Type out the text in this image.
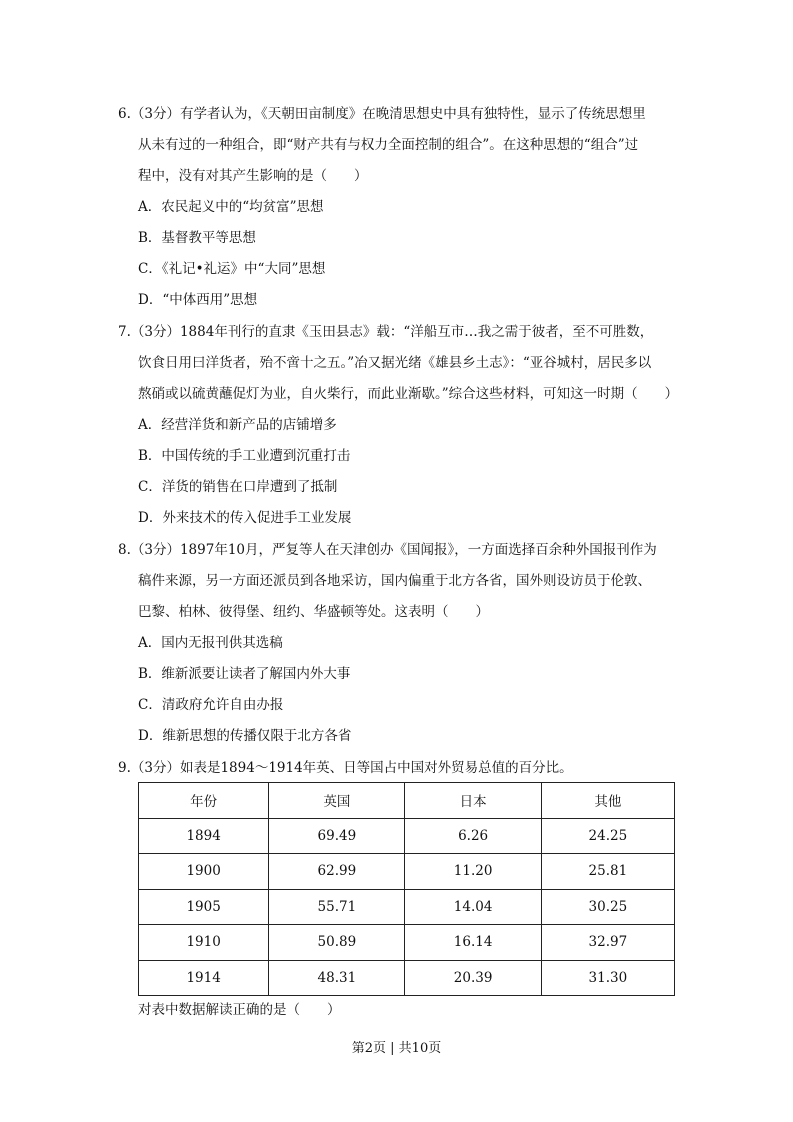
6.（3分）有学者认为，《天朝田亩制度》在晚清思想史中具有独特性，显示了传统思想里
从未有过的一种组合，即“财产共有与权力全面控制的组合”。在这种思想的“组合”过
程中，没有对其产生影响的是（　　）
A．农民起义中的“均贫富”思想
B．基督教平等思想
C．《礼记•礼运》中“大同”思想
D．“中体西用”思想
7.（3分）1884年刊行的直隶《玉田县志》载：“洋船互市…我之需于彼者，至不可胜数，
饮食日用曰洋货者，殆不啻十之五。”冶又据光绪《雄县乡土志》：“亚谷城村，居民多以
熬硝或以硫黄蘸促灯为业，自火柴行，而此业渐歇。”综合这些材料，可知这一时期（　　）
A．经营洋货和新产品的店铺增多
B．中国传统的手工业遭到沉重打击
C．洋货的销售在口岸遭到了抵制
D．外来技术的传入促进手工业发展
8.（3分）1897年10月，严复等人在天津创办《国闻报》，一方面选择百余种外国报刊作为
稿件来源，另一方面还派员到各地采访，国内偏重于北方各省，国外则设访员于伦敦、
巴黎、柏林、彼得堡、纽约、华盛顿等处。这表明（　　）
A．国内无报刊供其选稿
B．维新派要让读者了解国内外大事
C．清政府允许自由办报
D．维新思想的传播仅限于北方各省
9.（3分）如表是1894～1914年英、日等国占中国对外贸易总值的百分比。
年份	英国	日本	其他
1894	69.49	6.26	24.25
1900	62.99	11.20	25.81
1905	55.71	14.04	30.25
1910	50.89	16.14	32.97
1914	48.31	20.39	31.30
对表中数据解读正确的是（　　）
第2页 | 共10页
